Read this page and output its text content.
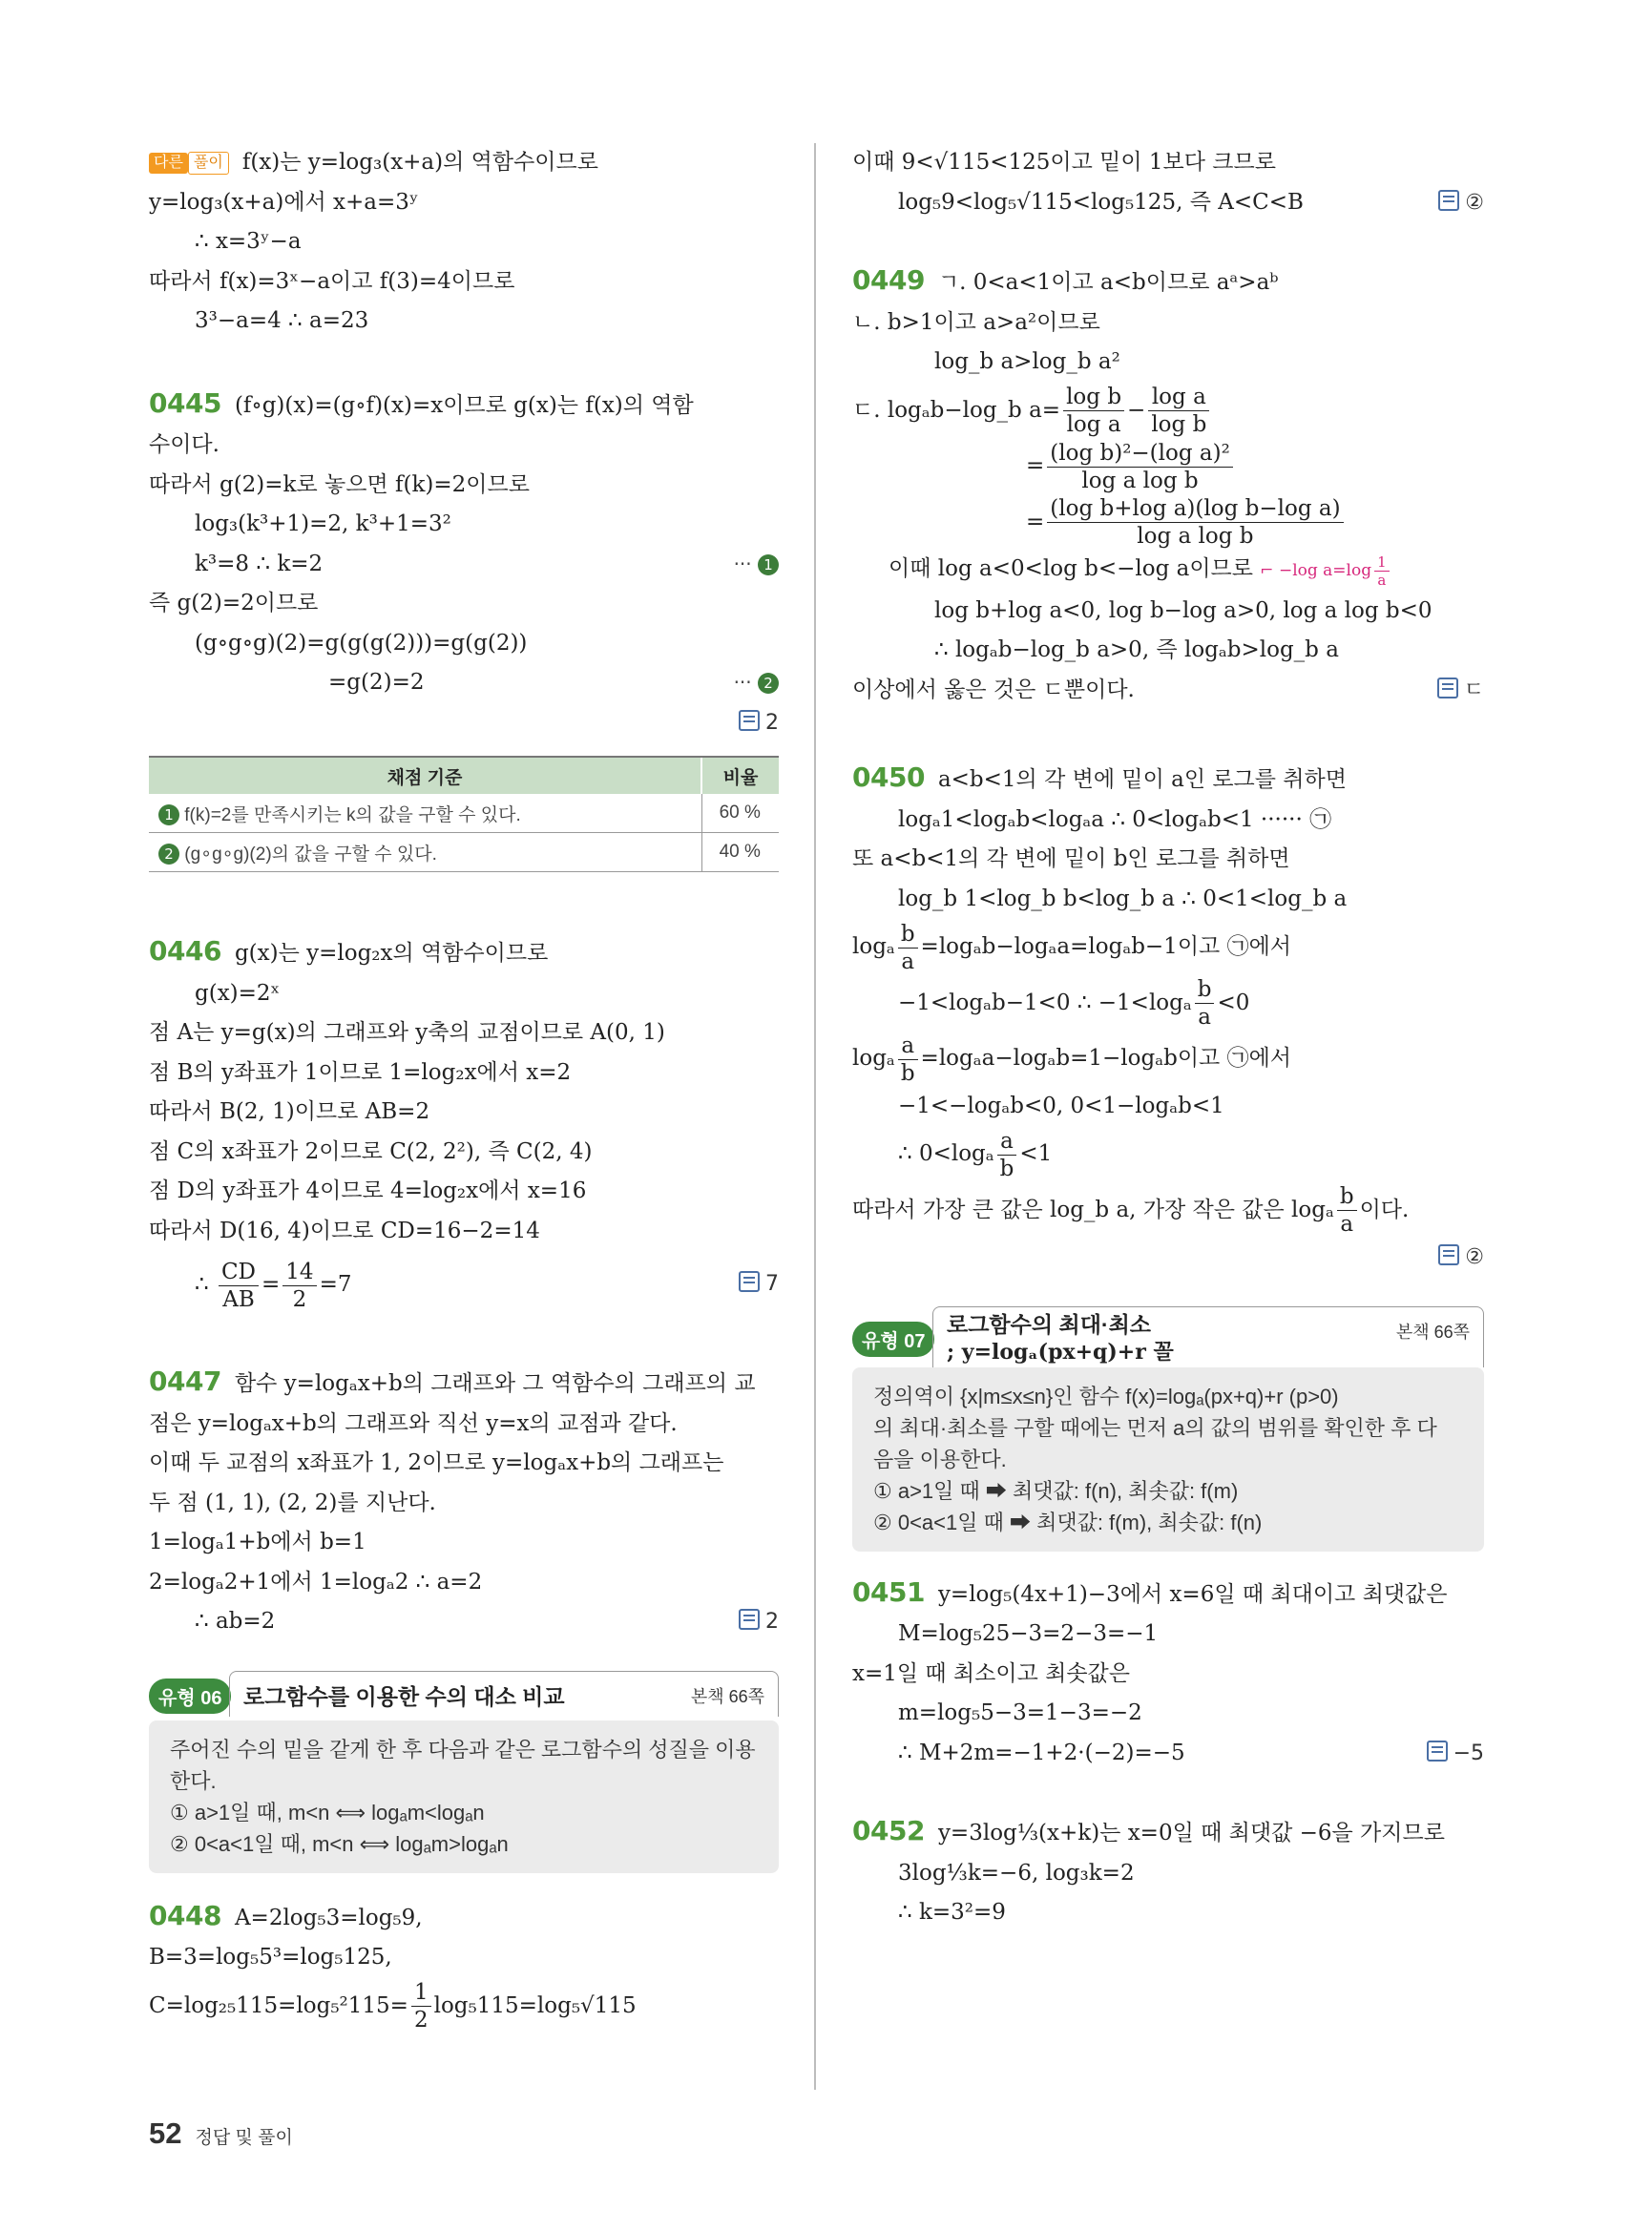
다른 풀이 f(x)는 y=log₃(x+a)의 역함수이므로
y=log₃(x+a)에서 x+a=3ʸ
∴ x=3ʸ−a
따라서 f(x)=3ˣ−a이고 f(3)=4이므로
3³−a=4 ∴ a=23
0445 (f∘g)(x)=(g∘f)(x)=x이므로 g(x)는 f(x)의 역함
수이다.
따라서 g(2)=k로 놓으면 f(k)=2이므로
log₃(k³+1)=2, k³+1=3²
k³=8 ∴ k=2	··· 1
즉 g(2)=2이므로
(g∘g∘g)(2)=g(g(g(2)))=g(g(2))
=g(2)=2	··· 2
2

채점 기준	비율
1 f(k)=2를 만족시키는 k의 값을 구할 수 있다.	60 %
2 (g∘g∘g)(2)의 값을 구할 수 있다.	40 %
0446 g(x)는 y=log₂x의 역함수이므로
g(x)=2ˣ
점 A는 y=g(x)의 그래프와 y축의 교점이므로 A(0, 1)
점 B의 y좌표가 1이므로 1=log₂x에서 x=2
따라서 B(2, 1)이므로 AB=2
점 C의 x좌표가 2이므로 C(2, 2²), 즉 C(2, 4)
점 D의 y좌표가 4이므로 4=log₂x에서 x=16
따라서 D(16, 4)이므로 CD=16−2=14
∴ $\frac{CD}{AB} = \frac{14}{2} =7$	7
0447 함수 y=logₐx+b의 그래프와 그 역함수의 그래프의 교
점은 y=logₐx+b의 그래프와 직선 y=x의 교점과 같다.
이때 두 교점의 x좌표가 1, 2이므로 y=logₐx+b의 그래프는
두 점 (1, 1), (2, 2)를 지난다.
1=logₐ1+b에서 b=1
2=logₐ2+1에서 1=logₐ2 ∴ a=2
∴ ab=2	2
유형 06 로그함수를 이용한 수의 대소 비교	본책 66쪽
주어진 수의 밑을 같게 한 후 다음과 같은 로그함수의 성질을 이용
한다.
① a>1일 때, m<n ⟺ logₐm<logₐn
② 0<a<1일 때, m<n ⟺ logₐm>logₐn
0448 A=2log₅3=log₅9,
B=3=log₅5³=log₅125,
$C=\log_{25}115=\log_5^2115= \frac{1}{2} \log_5115=\log_5√115$
이때 9<√115<125이고 밑이 1보다 크므로
log₅9<log₅√115<log₅125, 즉 A<C<B	②
0449 ㄱ. 0<a<1이고 a<b이므로 aᵃ>aᵇ
ㄴ. b>1이고 a>a²이므로
log_b a>log_b a²
ㄷ. logₐb−log_b $a= \frac{\text{log b}}{\text{log a}} - \frac{\text{log a}}{\text{log b}}$
= $\frac{\text{(log b)²−(log a)²}}{\text{log a log b}}$
= $\frac{\text{(log b+log a)(log b−log a)}}{\text{log a log b}}$
이때 log a<0<log b<−log a이므로 ⌐ −log $a=\log \frac{1}{a}$
log b+log a<0, log b−log a>0, log a log b<0
∴ logₐb−log_b a>0, 즉 logₐb>log_b a
이상에서 옳은 것은 ㄷ뿐이다.	ㄷ
0450 a<b<1의 각 변에 밑이 a인 로그를 취하면
logₐ1<logₐb<logₐa ∴ 0<logₐb<1 ······ ㉠
또 a<b<1의 각 변에 밑이 b인 로그를 취하면
log_b 1<log_b b<log_b a ∴ 0<1<log_b a
logₐ $\frac{b}{a} =\log_ab-\log_aa=\log_ab-1$이고 ㉠에서
−1<logₐb−1<0 ∴ $-1<\log_a \frac{b}{a} <0$
logₐ $\frac{a}{b} =\log_aa-\log_ab=1-\log_ab$이고 ㉠에서
−1<−logₐb<0, 0<1−logₐb<1
∴ $0<\log_a \frac{a}{b} <1$
따라서 가장 큰 값은 log_b a, 가장 작은 값은 logₐ $\frac{b}{a}$ 이다.
②

유형 07
로그함수의 최대·최소
; y=logₐ(px+q)+r 꼴
본책 66쪽
정의역이 {x|m≤x≤n}인 함수 f(x)=logₐ(px+q)+r (p>0)
의 최대·최소를 구할 때에는 먼저 a의 값의 범위를 확인한 후 다
음을 이용한다.
① a>1일 때 ➡ 최댓값: f(n), 최솟값: f(m)
② 0<a<1일 때 ➡ 최댓값: f(m), 최솟값: f(n)
0451 y=log₅(4x+1)−3에서 x=6일 때 최대이고 최댓값은
M=log₅25−3=2−3=−1
x=1일 때 최소이고 최솟값은
m=log₅5−3=1−3=−2
∴ M+2m=−1+2·(−2)=−5	−5
0452 y=3log⅓(x+k)는 x=0일 때 최댓값 −6을 가지므로
3log⅓k=−6, log₃k=2
∴ k=3²=9
52 정답 및 풀이
